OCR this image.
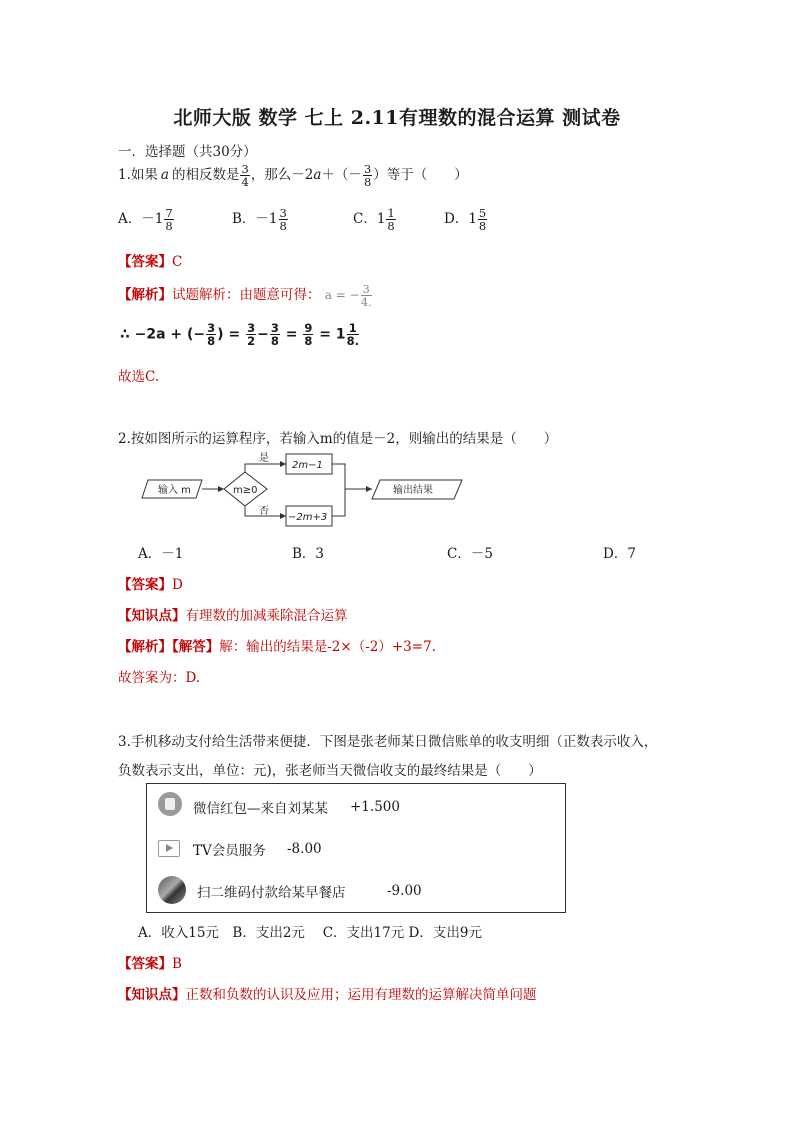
北师大版 数学 七上 2.11有理数的混合运算 测试卷
一．选择题（共30分）
1.如果 a 的相反数是 $\frac{3}{4}$ ，那么$-2a+(- \frac{3}{8}$ ）等于（　　）
A．$-1 \frac{7}{8}$	B．$-1 \frac{3}{8}$	C．$1 \frac{1}{8}$	D．$1 \frac{5}{8}$
【答案】C
【解析】试题解析：由题意可得： a = − $\frac{3}{4.}$
∴ −2a + (− $\frac{3}{8}$ ) = $\frac{3}{2} - \frac{3}{8} = \frac{9}{8} = 1 \frac{1}{8.}$
故选C.
2.按如图所示的运算程序，若输入m的值是－2，则输出的结果是（　　）
输入 m	m≥0
是
2m−1
否
−2m+3
输出结果
A．－1	B．3	C．－5	D．7
【答案】D
【知识点】有理数的加减乘除混合运算
【解析】【解答】解：输出的结果是-2×（-2）+3=7.
故答案为：D.
3.手机移动支付给生活带来便捷．下图是张老师某日微信账单的收支明细（正数表示收入，
负数表示支出，单位：元)，张老师当天微信收支的最终结果是（　　）
微信红包—来自刘某某 +1.500
TV会员服务 -8.00
扫二维码付款给某早餐店	-9.00
A．收入15元　B．支出2元　 C．支出17元 D．支出9元
【答案】B
【知识点】正数和负数的认识及应用；运用有理数的运算解决简单问题
